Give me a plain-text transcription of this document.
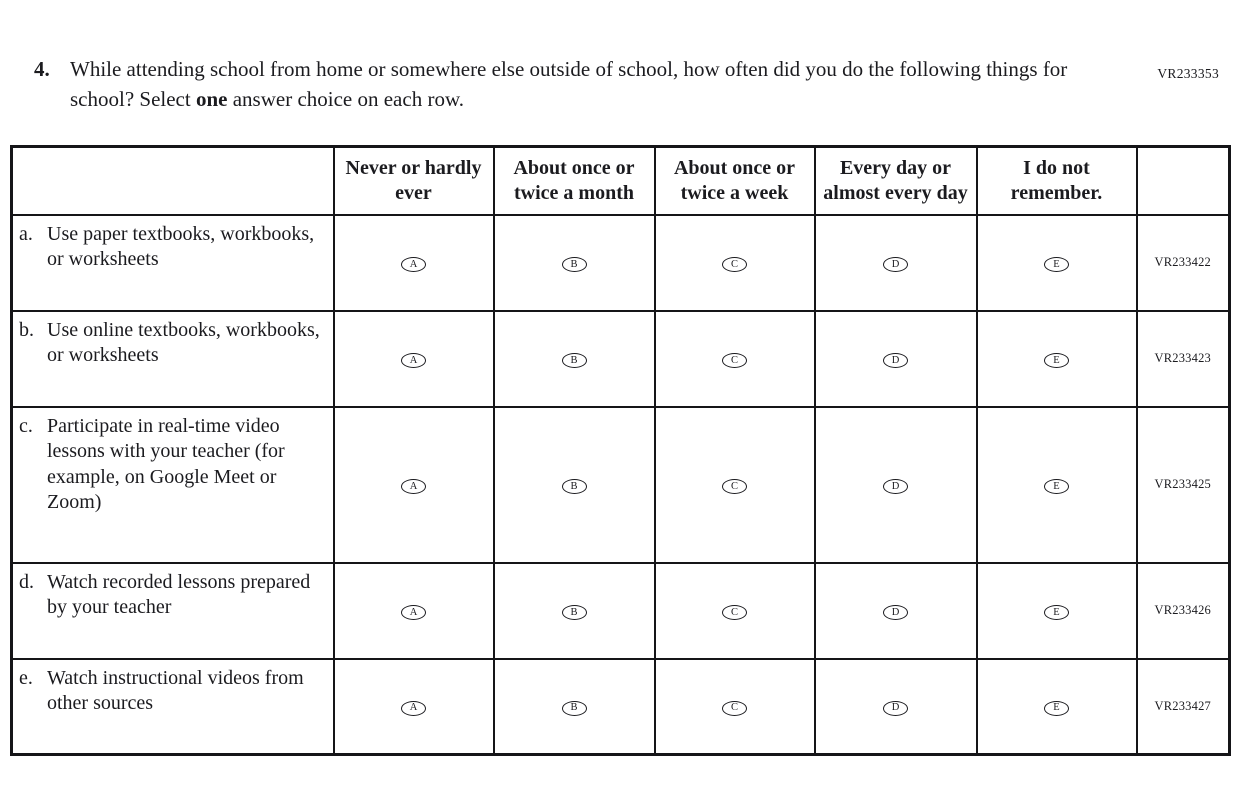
VR233353
4. While attending school from home or somewhere else outside of school, how often did you do the following things for school? Select one answer choice on each row.
	Never or hardly ever	About once or twice a month	About once or twice a week	Every day or almost every day	I do not remember.	

a. Use paper textbooks, workbooks, or worksheets	A	B	C	D	E	VR233422

b. Use online textbooks, workbooks, or worksheets	A	B	C	D	E	VR233423

c. Participate in real-time video lessons with your teacher (for example, on Google Meet or Zoom)	A	B	C	D	E	VR233425

d. Watch recorded lessons prepared by your teacher	A	B	C	D	E	VR233426

e. Watch instructional videos from other sources	A	B	C	D	E	VR233427
